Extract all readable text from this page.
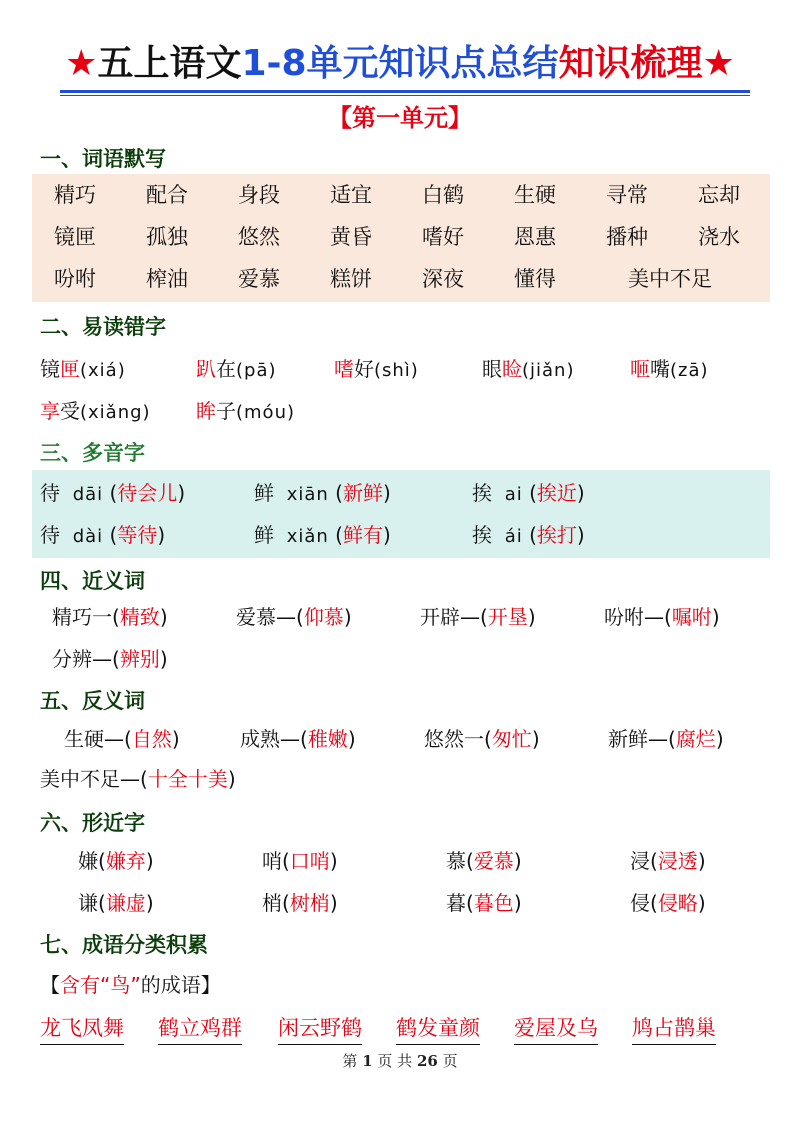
★五上语文1-8单元知识点总结知识梳理★
【第一单元】
一、词语默写
精巧 配合 身段 适宜 白鹤 生硬 寻常 忘却
镜匣 孤独 悠然 黄昏 嗜好 恩惠 播种 浇水
吩咐 榨油 爱慕 糕饼 深夜 懂得	美中不足
二、易读错字
镜匣(xiá)	趴在(pā)	嗜好(shì)	眼睑(jiǎn)	咂嘴(zā)
享受(xiǎng) 眸子(móu)
三、多音字
待 dāi (待会儿)	鲜 xiān (新鲜)	挨 ai (挨近)
待 dài (等待)	鲜 xiǎn (鲜有)	挨 ái (挨打)
四、近义词
精巧一(精致)	爱慕—(仰慕)	开辟—(开垦)	吩咐—(嘱咐)
分辨—(辨别)
五、反义词
生硬—(自然)	成熟—(稚嫩)	悠然一(匆忙)	新鲜—(腐烂)
美中不足—(十全十美)
六、形近字
嫌(嫌弃)	哨(口哨)	慕(爱慕)	浸(浸透)
谦(谦虚)	梢(树梢)	暮(暮色)	侵(侵略)
七、成语分类积累
【含有“鸟”的成语】
龙飞凤舞 鹤立鸡群 闲云野鹤 鹤发童颜 爱屋及乌 鸠占鹊巢
第 1 页 共 26 页
